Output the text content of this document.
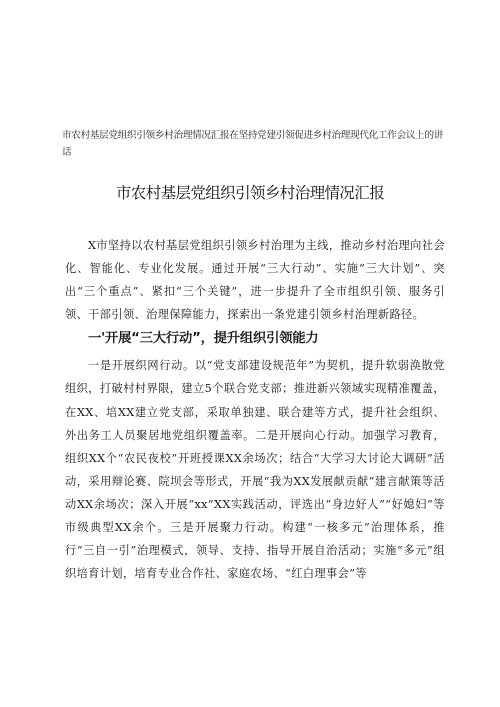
市农村基层党组织引领乡村治理情况汇报在坚持党建引领促进乡村治理现代化工作会议上的讲话
市农村基层党组织引领乡村治理情况汇报

X市坚持以农村基层党组织引领乡村治理为主线，推动乡村治理向社会化、智能化、专业化发展。通过开展“三大行动”、实施“三大计划”、突出“三个重点”、紧扣“三个关键”，进一步提升了全市组织引领、服务引领、干部引领、治理保障能力，探索出一条党建引领乡村治理新路径。

一'开展“三大行动”，提升组织引领能力

一是开展织网行动。以“党支部建设规范年”为契机，提升软弱涣散党组织，打破村村界限，建立5个联合党支部；推进新兴领域实现精准覆盖，在XX、培XX建立党支部，采取单独建、联合建等方式，提升社会组织、外出务工人员聚居地党组织覆盖率。二是开展向心行动。加强学习教育，组织XX个“农民夜校”开班授课XX余场次；结合“大学习大讨论大调研”活动，采用辩论赛、院坝会等形式，开展“我为XX发展献贡献”建言献策等活动XX余场次；深入开展“xx”XX实践活动，评选出“身边好人”“好媳妇”等市级典型XX余个。三是开展聚力行动。构建“一核多元”治理体系，推行“三自一引”治理模式，领导、支持、指导开展自治活动；实施“多元”组织培育计划，培育专业合作社、家庭农场、“红白理事会”等
